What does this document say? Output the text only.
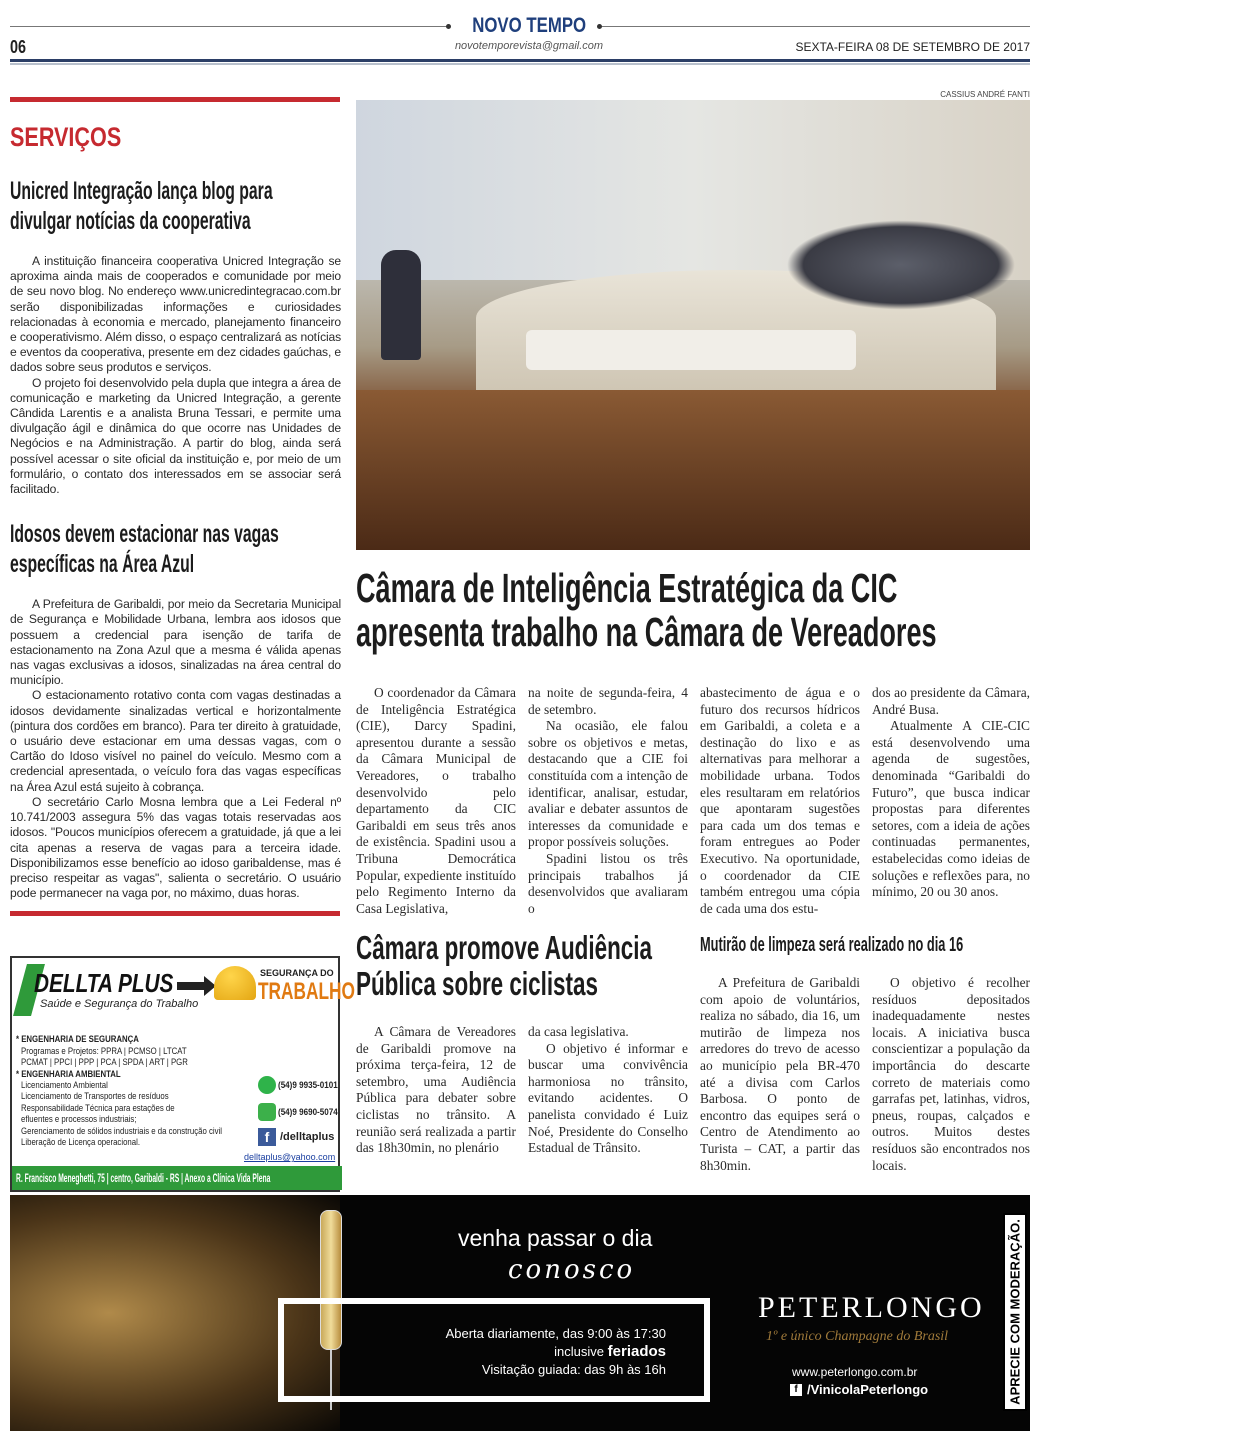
NOVO TEMPO
06	novotemporevista@gmail.com	SEXTA-FEIRA 08 DE SETEMBRO DE 2017
SERVIÇOS
Unicred Integração lança blog para
divulgar notícias da cooperativa

A instituição financeira cooperativa Unicred Integração se aproxima ainda mais de cooperados e comunidade por meio de seu novo blog. No endereço www.unicredintegracao.com.br serão disponibilizadas informações e curiosidades relacionadas à economia e mercado, planejamento financeiro e cooperativismo. Além disso, o espaço centralizará as notícias e eventos da cooperativa, presente em dez cidades gaúchas, e dados sobre seus produtos e serviços.

O projeto foi desenvolvido pela dupla que integra a área de comunicação e marketing da Unicred Integração, a gerente Cândida Larentis e a analista Bruna Tessari, e permite uma divulgação ágil e dinâmica do que ocorre nas Unidades de Negócios e na Administração. A partir do blog, ainda será possível acessar o site oficial da instituição e, por meio de um formulário, o contato dos interessados em se associar será facilitado.

Idosos devem estacionar nas vagas
específicas na Área Azul

A Prefeitura de Garibaldi, por meio da Secretaria Municipal de Segurança e Mobilidade Urbana, lembra aos idosos que possuem a credencial para isenção de tarifa de estacionamento na Zona Azul que a mesma é válida apenas nas vagas exclusivas a idosos, sinalizadas na área central do município.

O estacionamento rotativo conta com vagas destinadas a idosos devidamente sinalizadas vertical e horizontalmente (pintura dos cordões em branco). Para ter direito à gratuidade, o usuário deve estacionar em uma dessas vagas, com o Cartão do Idoso visível no painel do veículo. Mesmo com a credencial apresentada, o veículo fora das vagas específicas na Área Azul está sujeito à cobrança.

O secretário Carlo Mosna lembra que a Lei Federal nº 10.741/2003 assegura 5% das vagas totais reservadas aos idosos. "Poucos municípios oferecem a gratuidade, já que a lei cita apenas a reserva de vagas para a terceira idade. Disponibilizamos esse benefício ao idoso garibaldense, mas é preciso respeitar as vagas", salienta o secretário. O usuário pode permanecer na vaga por, no máximo, duas horas.

DELLTA PLUS
Saúde e Segurança do Trabalho
SEGURANÇA DO
TRABALHO
* ENGENHARIA DE SEGURANÇA
Programas e Projetos: PPRA | PCMSO | LTCAT
PCMAT | PPCI | PPP | PCA | SPDA | ART | PGR
* ENGENHARIA AMBIENTAL
Licenciamento Ambiental
Licenciamento de Transportes de resíduos
Responsabilidade Técnica para estações de
efluentes e processos industriais;
Gerenciamento de sólidos industriais e da construção civil
Liberação de Licença operacional.
(54)9 9935-0101
(54)9 9690-5074
f /delltaplus
delltaplus@yahoo.com
R. Francisco Meneghetti, 75 | centro, Garibaldi - RS | Anexo a Clínica Vida Plena
CASSIUS ANDRÉ FANTI
Câmara de Inteligência Estratégica da CIC
apresenta trabalho na Câmara de Vereadores

O coordenador da Câmara de Inteligência Estratégica (CIE), Darcy Spadini, apresentou durante a sessão da Câmara Municipal de Vereadores, o trabalho desenvolvido pelo departamento da CIC Garibaldi em seus três anos de existência. Spadini usou a Tribuna Democrática Popular, expediente instituído pelo Regimento Interno da Casa Legislativa,

na noite de segunda-feira, 4 de setembro.

Na ocasião, ele falou sobre os objetivos e metas, destacando que a CIE foi constituída com a intenção de identificar, analisar, estudar, avaliar e debater assuntos de interesses da comunidade e propor possíveis soluções.

Spadini listou os três principais trabalhos já desenvolvidos que avaliaram o

abastecimento de água e o futuro dos recursos hídricos em Garibaldi, a coleta e a destinação do lixo e as alternativas para melhorar a mobilidade urbana. Todos eles resultaram em relatórios que apontaram sugestões para cada um dos temas e foram entregues ao Poder Executivo. Na oportunidade, o coordenador da CIE também entregou uma cópia de cada uma dos estu-

dos ao presidente da Câmara, André Busa.

Atualmente A CIE-CIC está desenvolvendo uma agenda de sugestões, denominada “Garibaldi do Futuro”, que busca indicar propostas para diferentes setores, com a ideia de ações continuadas permanentes, estabelecidas como ideias de soluções e reflexões para, no mínimo, 20 ou 30 anos.

Câmara promove Audiência
Pública sobre ciclistas

A Câmara de Vereadores de Garibaldi promove na próxima terça-feira, 12 de setembro, uma Audiência Pública para debater sobre ciclistas no trânsito. A reunião será realizada a partir das 18h30min, no plenário

da casa legislativa.

O objetivo é informar e buscar uma convivência harmoniosa no trânsito, evitando acidentes. O panelista convidado é Luiz Noé, Presidente do Conselho Estadual de Trânsito.

Mutirão de limpeza será realizado no dia 16

A Prefeitura de Garibaldi com apoio de voluntários, realiza no sábado, dia 16, um mutirão de limpeza nos arredores do trevo de acesso ao município pela BR-470 até a divisa com Carlos Barbosa. O ponto de encontro das equipes será o Centro de Atendimento ao Turista – CAT, a partir das 8h30min.

O objetivo é recolher resíduos depositados inadequadamente nestes locais. A iniciativa busca conscientizar a população da importância do descarte correto de materiais como garrafas pet, latinhas, vidros, pneus, roupas, calçados e outros. Muitos destes resíduos são encontrados nos locais.

venha passar o dia
conosco
Aberta diariamente, das 9:00 às 17:30
inclusive feriados
Visitação guiada: das 9h às 16h
PETERLONGO
1º e único Champagne do Brasil
www.peterlongo.com.br
f /VinicolaPeterlongo	APRECIE COM MODERAÇÃO.
